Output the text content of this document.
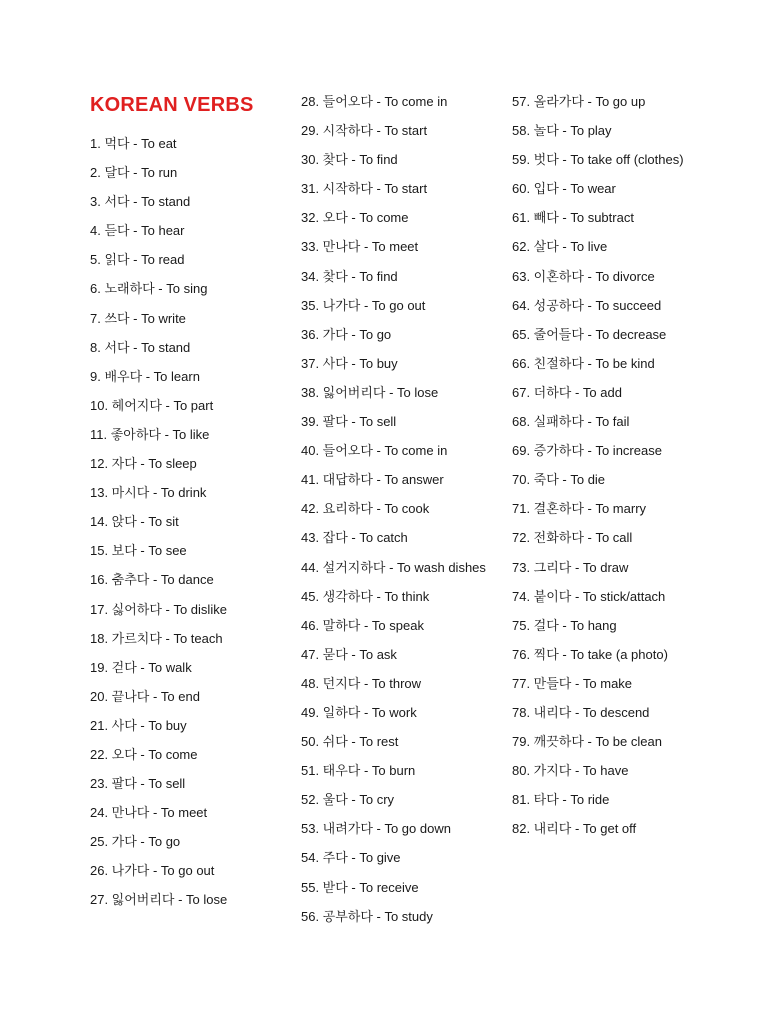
KOREAN VERBS
1. 먹다 - To eat
2. 달다 - To run
3. 서다 - To stand
4. 듣다 - To hear
5. 읽다 - To read
6. 노래하다 - To sing
7. 쓰다 - To write
8. 서다 - To stand
9. 배우다 - To learn
10. 헤어지다 - To part
11. 좋아하다 - To like
12. 자다 - To sleep
13. 마시다 - To drink
14. 앉다 - To sit
15. 보다 - To see
16. 춤추다 - To dance
17. 싫어하다 - To dislike
18. 가르치다 - To teach
19. 걷다 - To walk
20. 끝나다 - To end
21. 사다 - To buy
22. 오다 - To come
23. 팔다 - To sell
24. 만나다 - To meet
25. 가다 - To go
26. 나가다 - To go out
27. 잃어버리다 - To lose
28. 들어오다 - To come in
29. 시작하다 - To start
30. 찾다 - To find
31. 시작하다 - To start
32. 오다 - To come
33. 만나다 - To meet
34. 찾다 - To find
35. 나가다 - To go out
36. 가다 - To go
37. 사다 - To buy
38. 잃어버리다 - To lose
39. 팔다 - To sell
40. 들어오다 - To come in
41. 대답하다 - To answer
42. 요리하다 - To cook
43. 잡다 - To catch
44. 설거지하다 - To wash dishes
45. 생각하다 - To think
46. 말하다 - To speak
47. 묻다 - To ask
48. 던지다 - To throw
49. 일하다 - To work
50. 쉬다 - To rest
51. 태우다 - To burn
52. 울다 - To cry
53. 내려가다 - To go down
54. 주다 - To give
55. 받다 - To receive
56. 공부하다 - To study
57. 올라가다 - To go up
58. 놀다 - To play
59. 벗다 - To take off (clothes)
60. 입다 - To wear
61. 빼다 - To subtract
62. 살다 - To live
63. 이혼하다 - To divorce
64. 성공하다 - To succeed
65. 줄어들다 - To decrease
66. 친절하다 - To be kind
67. 더하다 - To add
68. 실패하다 - To fail
69. 증가하다 - To increase
70. 죽다 - To die
71. 결혼하다 - To marry
72. 전화하다 - To call
73. 그리다 - To draw
74. 붙이다 - To stick/attach
75. 걸다 - To hang
76. 찍다 - To take (a photo)
77. 만들다 - To make
78. 내리다 - To descend
79. 깨끗하다 - To be clean
80. 가지다 - To have
81. 타다 - To ride
82. 내리다 - To get off
